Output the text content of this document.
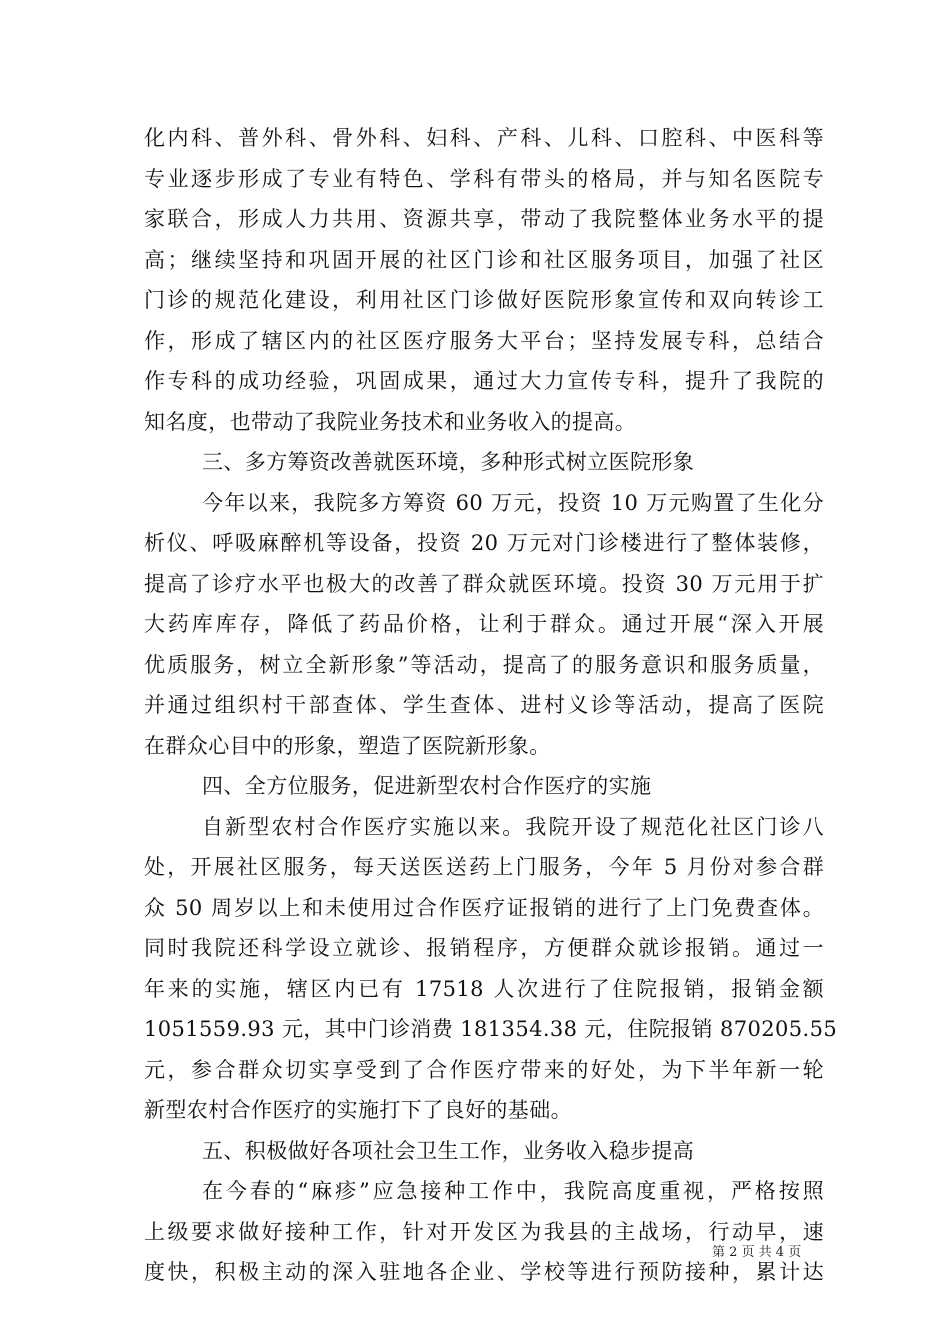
化内科、普外科、骨外科、妇科、产科、儿科、口腔科、中医科等
专业逐步形成了专业有特色、学科有带头的格局，并与知名医院专
家联合，形成人力共用、资源共享，带动了我院整体业务水平的提
高；继续坚持和巩固开展的社区门诊和社区服务项目，加强了社区
门诊的规范化建设，利用社区门诊做好医院形象宣传和双向转诊工
作，形成了辖区内的社区医疗服务大平台；坚持发展专科，总结合
作专科的成功经验，巩固成果，通过大力宣传专科，提升了我院的
知名度，也带动了我院业务技术和业务收入的提高。
三、多方筹资改善就医环境，多种形式树立医院形象
今年以来，我院多方筹资 60 万元，投资 10 万元购置了生化分
析仪、呼吸麻醉机等设备，投资 20 万元对门诊楼进行了整体装修，
提高了诊疗水平也极大的改善了群众就医环境。投资 30 万元用于扩
大药库库存，降低了药品价格，让利于群众。通过开展“深入开展
优质服务，树立全新形象”等活动，提高了的服务意识和服务质量，
并通过组织村干部查体、学生查体、进村义诊等活动，提高了医院
在群众心目中的形象，塑造了医院新形象。
四、全方位服务，促进新型农村合作医疗的实施
自新型农村合作医疗实施以来。我院开设了规范化社区门诊八
处，开展社区服务，每天送医送药上门服务，今年 5 月份对参合群
众 50 周岁以上和未使用过合作医疗证报销的进行了上门免费查体。
同时我院还科学设立就诊、报销程序，方便群众就诊报销。通过一
年来的实施，辖区内已有 17518 人次进行了住院报销，报销金额
1051559.93 元，其中门诊消费 181354.38 元，住院报销 870205.55
元，参合群众切实享受到了合作医疗带来的好处，为下半年新一轮
新型农村合作医疗的实施打下了良好的基础。
五、积极做好各项社会卫生工作，业务收入稳步提高
在今春的“麻疹”应急接种工作中，我院高度重视，严格按照
上级要求做好接种工作，针对开发区为我县的主战场，行动早，速
度快，积极主动的深入驻地各企业、学校等进行预防接种，累计达
第 2 页 共 4 页
